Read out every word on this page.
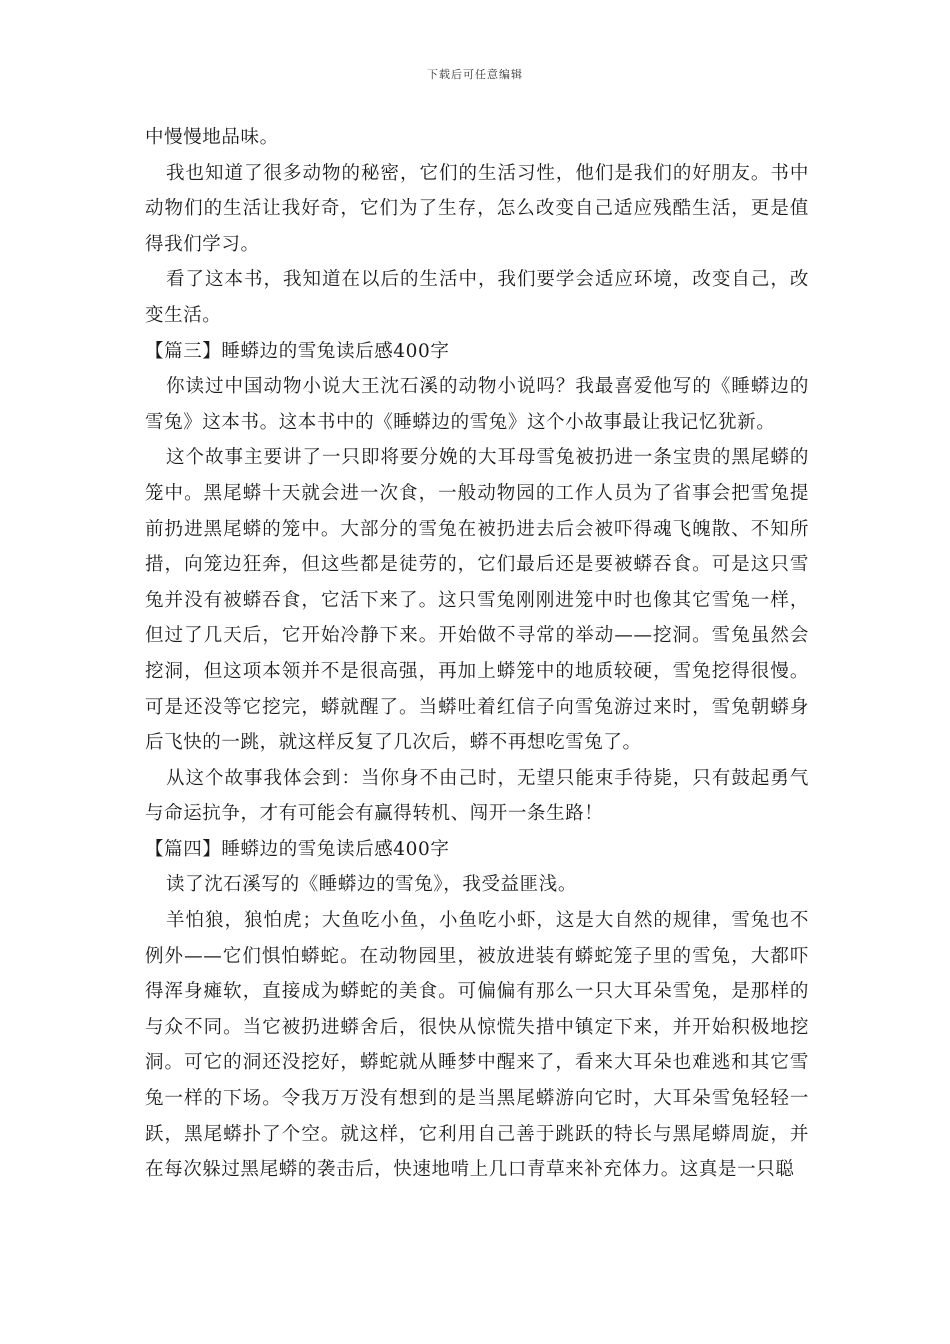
下载后可任意编辑

中慢慢地品味。

我也知道了很多动物的秘密，它们的生活习性，他们是我们的好朋友。书中动物们的生活让我好奇，它们为了生存，怎么改变自己适应残酷生活，更是值得我们学习。

看了这本书，我知道在以后的生活中，我们要学会适应环境，改变自己，改变生活。

【篇三】睡蟒边的雪兔读后感400字

你读过中国动物小说大王沈石溪的动物小说吗？我最喜爱他写的《睡蟒边的雪兔》这本书。这本书中的《睡蟒边的雪兔》这个小故事最让我记忆犹新。

这个故事主要讲了一只即将要分娩的大耳母雪兔被扔进一条宝贵的黑尾蟒的笼中。黑尾蟒十天就会进一次食，一般动物园的工作人员为了省事会把雪兔提前扔进黑尾蟒的笼中。大部分的雪兔在被扔进去后会被吓得魂飞魄散、不知所措，向笼边狂奔，但这些都是徒劳的，它们最后还是要被蟒吞食。可是这只雪兔并没有被蟒吞食，它活下来了。这只雪兔刚刚进笼中时也像其它雪兔一样，但过了几天后，它开始冷静下来。开始做不寻常的举动——挖洞。雪兔虽然会挖洞，但这项本领并不是很高强，再加上蟒笼中的地质较硬，雪兔挖得很慢。可是还没等它挖完，蟒就醒了。当蟒吐着红信子向雪兔游过来时，雪兔朝蟒身后飞快的一跳，就这样反复了几次后，蟒不再想吃雪兔了。

从这个故事我体会到：当你身不由己时，无望只能束手待毙，只有鼓起勇气与命运抗争，才有可能会有赢得转机、闯开一条生路！

【篇四】睡蟒边的雪兔读后感400字

读了沈石溪写的《睡蟒边的雪兔》，我受益匪浅。

羊怕狼，狼怕虎；大鱼吃小鱼，小鱼吃小虾，这是大自然的规律，雪兔也不例外——它们惧怕蟒蛇。在动物园里，被放进装有蟒蛇笼子里的雪兔，大都吓得浑身瘫软，直接成为蟒蛇的美食。可偏偏有那么一只大耳朵雪兔，是那样的与众不同。当它被扔进蟒舍后，很快从惊慌失措中镇定下来，并开始积极地挖洞。可它的洞还没挖好，蟒蛇就从睡梦中醒来了，看来大耳朵也难逃和其它雪兔一样的下场。令我万万没有想到的是当黑尾蟒游向它时，大耳朵雪兔轻轻一跃，黑尾蟒扑了个空。就这样，它利用自己善于跳跃的特长与黑尾蟒周旋，并在每次躲过黑尾蟒的袭击后，快速地啃上几口青草来补充体力。这真是一只聪
